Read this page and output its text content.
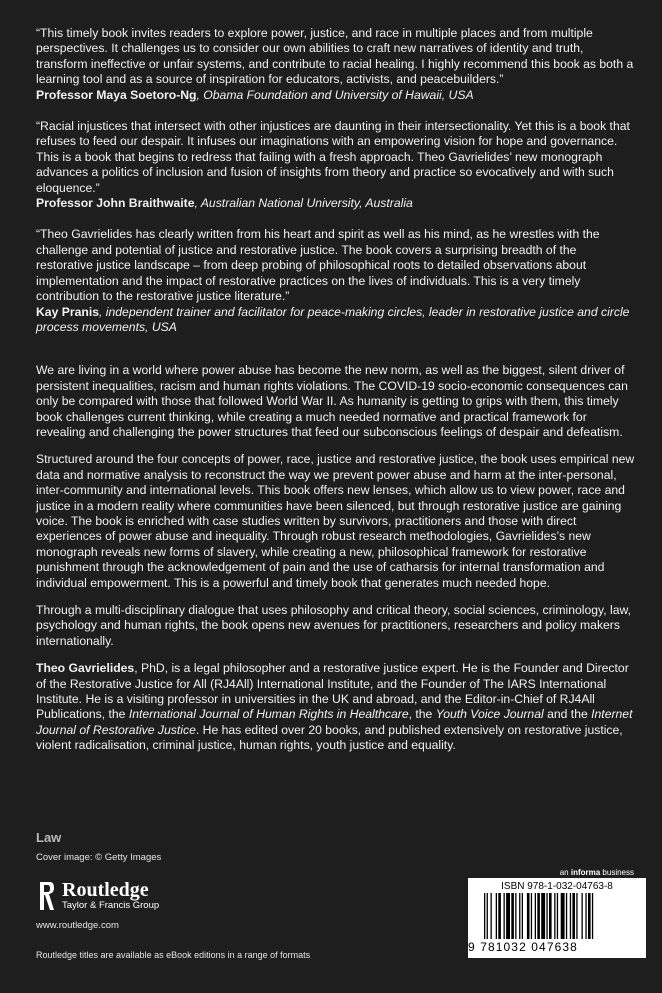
“This timely book invites readers to explore power, justice, and race in multiple places and from multiple perspectives. It challenges us to consider our own abilities to craft new narratives of identity and truth, transform ineffective or unfair systems, and contribute to racial healing. I highly recommend this book as both a learning tool and as a source of inspiration for educators, activists, and peacebuilders.”

Professor Maya Soetoro-Ng, Obama Foundation and University of Hawaii, USA

“Racial injustices that intersect with other injustices are daunting in their intersectionality. Yet this is a book that refuses to feed our despair. It infuses our imaginations with an empowering vision for hope and governance. This is a book that begins to redress that failing with a fresh approach. Theo Gavrielides’ new monograph advances a politics of inclusion and fusion of insights from theory and practice so evocatively and with such eloquence.”

Professor John Braithwaite, Australian National University, Australia

“Theo Gavrielides has clearly written from his heart and spirit as well as his mind, as he wrestles with the challenge and potential of justice and restorative justice. The book covers a surprising breadth of the restorative justice landscape – from deep probing of philosophical roots to detailed observations about implementation and the impact of restorative practices on the lives of individuals. This is a very timely contribution to the restorative justice literature.”

Kay Pranis, independent trainer and facilitator for peace-making circles, leader in restorative justice and circle process movements, USA

We are living in a world where power abuse has become the new norm, as well as the biggest, silent driver of persistent inequalities, racism and human rights violations. The COVID-19 socio-economic consequences can only be compared with those that followed World War II. As humanity is getting to grips with them, this timely book challenges current thinking, while creating a much needed normative and practical framework for revealing and challenging the power structures that feed our subconscious feelings of despair and defeatism.

Structured around the four concepts of power, race, justice and restorative justice, the book uses empirical new data and normative analysis to reconstruct the way we prevent power abuse and harm at the inter-personal, inter-community and international levels. This book offers new lenses, which allow us to view power, race and justice in a modern reality where communities have been silenced, but through restorative justice are gaining voice. The book is enriched with case studies written by survivors, practitioners and those with direct experiences of power abuse and inequality. Through robust research methodologies, Gavrielides’s new monograph reveals new forms of slavery, while creating a new, philosophical framework for restorative punishment through the acknowledgement of pain and the use of catharsis for internal transformation and individual empowerment. This is a powerful and timely book that generates much needed hope.

Through a multi-disciplinary dialogue that uses philosophy and critical theory, social sciences, criminology, law, psychology and human rights, the book opens new avenues for practitioners, researchers and policy makers internationally.

Theo Gavrielides, PhD, is a legal philosopher and a restorative justice expert. He is the Founder and Director of the Restorative Justice for All (RJ4All) International Institute, and the Founder of The IARS International Institute. He is a visiting professor in universities in the UK and abroad, and the Editor-in-Chief of RJ4All Publications, the International Journal of Human Rights in Healthcare, the Youth Voice Journal and the Internet Journal of Restorative Justice. He has edited over 20 books, and published extensively on restorative justice, violent radicalisation, criminal justice, human rights, youth justice and equality.

Law

Cover image: © Getty Images

Routledge
Taylor & Francis Group

www.routledge.com

Routledge titles are available as eBook editions in a range of formats

an informa business

ISBN 978-1-032-04763-8
9 781032 047638
